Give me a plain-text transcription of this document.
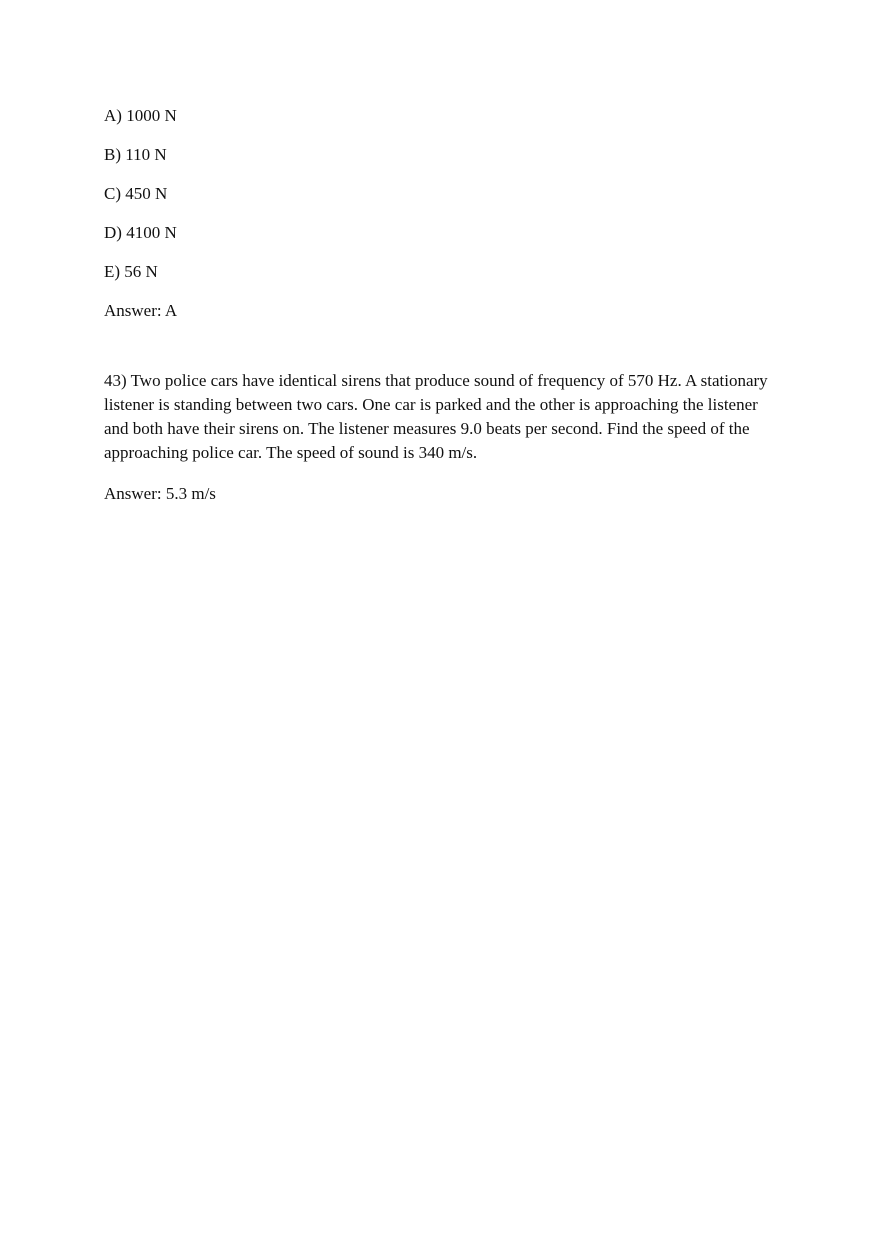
A) 1000 N

B) 110 N

C) 450 N

D) 4100 N

E) 56 N

Answer: A

43) Two police cars have identical sirens that produce sound of frequency of 570 Hz. A stationary listener is standing between two cars. One car is parked and the other is approaching the listener and both have their sirens on. The listener measures 9.0 beats per second. Find the speed of the approaching police car. The speed of sound is 340 m/s.

Answer: 5.3 m/s
